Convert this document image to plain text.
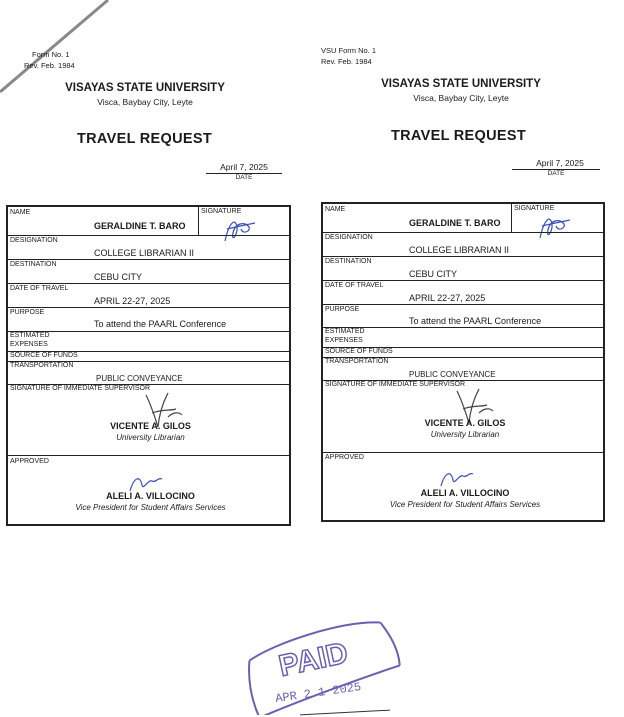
Form No. 1
Rev. Feb. 1984
VISAYAS STATE UNIVERSITY
Visca, Baybay City, Leyte
TRAVEL REQUEST
April 7, 2025
DATE
NAME
GERALDINE T. BARO
SIGNATURE
DESIGNATION
COLLEGE LIBRARIAN II
DESTINATION
CEBU CITY
DATE OF TRAVEL
APRIL 22-27, 2025
PURPOSE
To attend the PAARL Conference
ESTIMATED
EXPENSES
SOURCE OF FUNDS
TRANSPORTATION
PUBLIC CONVEYANCE
SIGNATURE OF IMMEDIATE SUPERVISOR
VICENTE A. GILOS
University Librarian
APPROVED
ALELI A. VILLOCINO
Vice President for Student Affairs Services
VSU Form No. 1
Rev. Feb. 1984
VISAYAS STATE UNIVERSITY
Visca, Baybay City, Leyte
TRAVEL REQUEST
April 7, 2025
DATE
NAME
GERALDINE T. BARO
SIGNATURE
DESIGNATION
COLLEGE LIBRARIAN II
DESTINATION
CEBU CITY
DATE OF TRAVEL
APRIL 22-27, 2025
PURPOSE
To attend the PAARL Conference
ESTIMATED
EXPENSES
SOURCE OF FUNDS
TRANSPORTATION
PUBLIC CONVEYANCE
SIGNATURE OF IMMEDIATE SUPERVISOR
VICENTE A. GILOS
University Librarian
APPROVED
ALELI A. VILLOCINO
Vice President for Student Affairs Services
PAID
APR 2 1 2025
